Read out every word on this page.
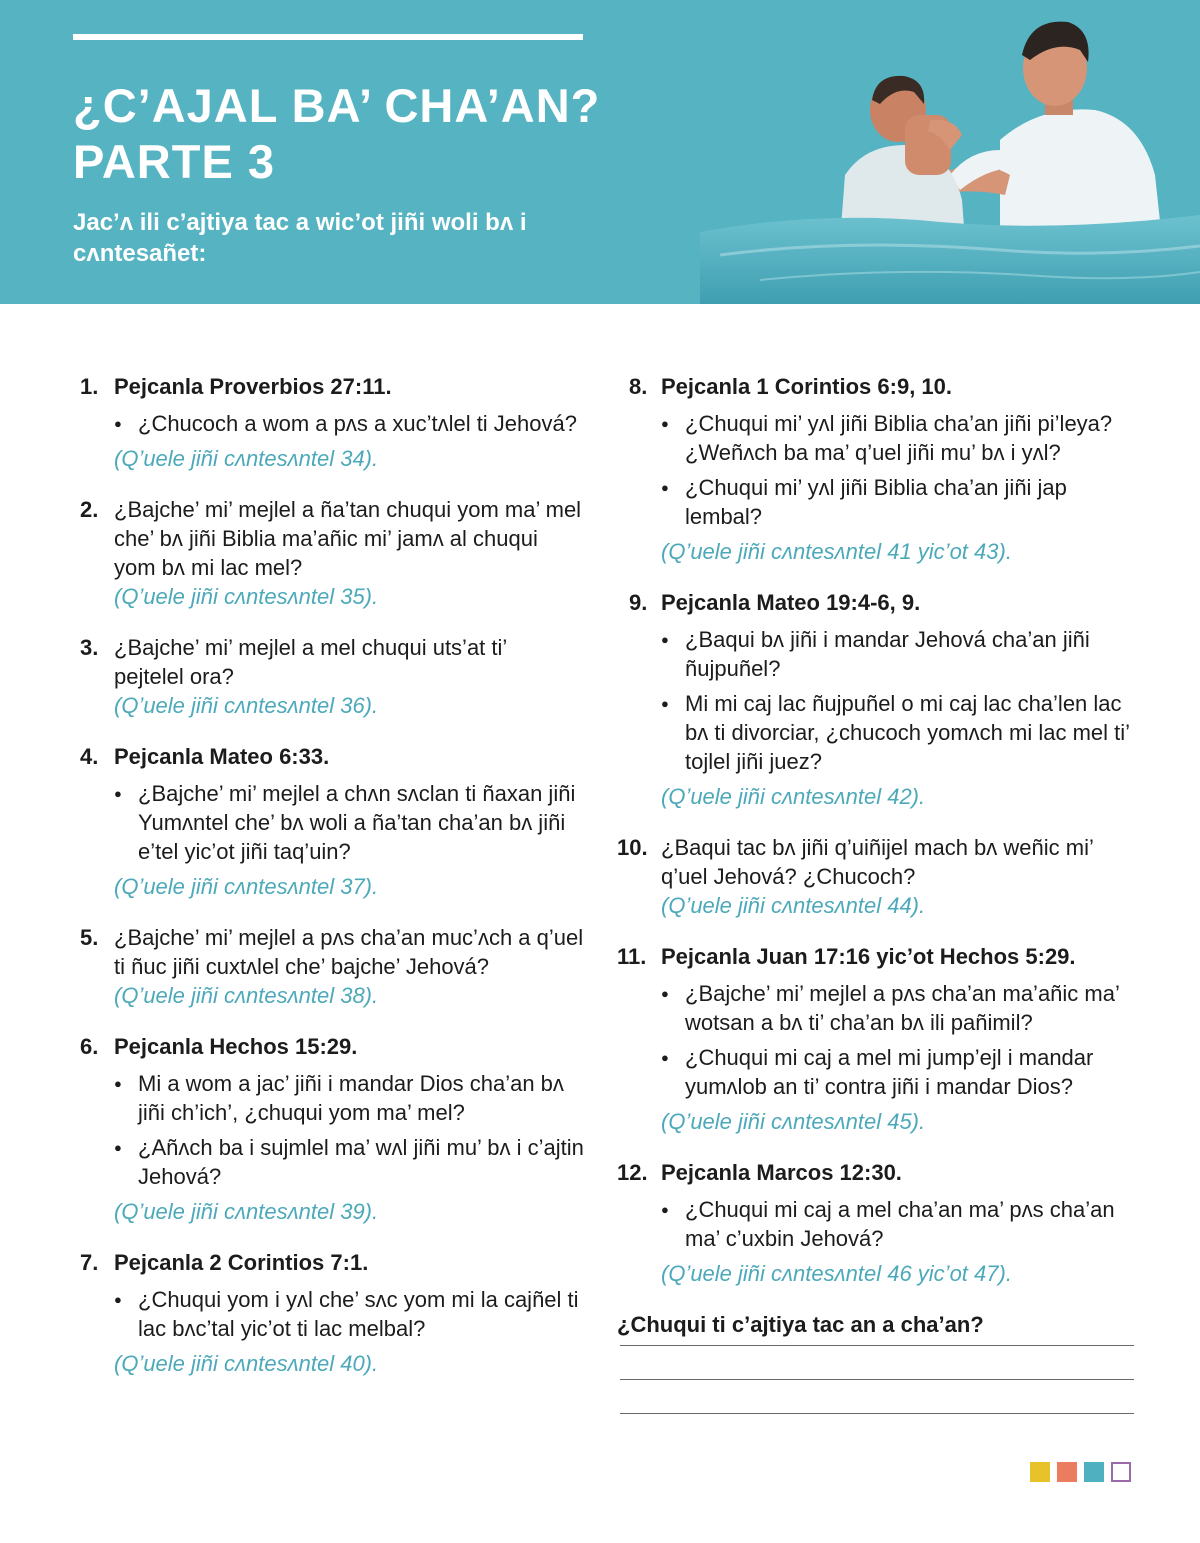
¿C’AJAL BA’ CHA’AN?
PARTE 3

Jac’ʌ ili c’ajtiya tac a wic’ot jiñi woli bʌ i cʌntesañet:

1. Pejcanla Proverbios 27:11.
● ¿Chucoch a wom a pʌs a xuc’tʌlel ti Jehová?
(Q’uele jiñi cʌntesʌntel 34).
2. ¿Bajche’ mi’ mejlel a ña’tan chuqui yom ma’ mel che’ bʌ jiñi Biblia ma’añic mi’ jamʌ al chuqui yom bʌ mi lac mel?
(Q’uele jiñi cʌntesʌntel 35).
3. ¿Bajche’ mi’ mejlel a mel chuqui uts’at ti’ pejtelel ora?
(Q’uele jiñi cʌntesʌntel 36).
4. Pejcanla Mateo 6:33.
● ¿Bajche’ mi’ mejlel a chʌn sʌclan ti ñaxan jiñi Yumʌntel che’ bʌ woli a ña’tan cha’an bʌ jiñi e’tel yic’ot jiñi taq’uin?
(Q’uele jiñi cʌntesʌntel 37).
5. ¿Bajche’ mi’ mejlel a pʌs cha’an muc’ʌch a q’uel ti ñuc jiñi cuxtʌlel che’ bajche’ Jehová?
(Q’uele jiñi cʌntesʌntel 38).
6. Pejcanla Hechos 15:29.
● Mi a wom a jac’ jiñi i mandar Dios cha’an bʌ jiñi ch’ich’, ¿chuqui yom ma’ mel?
● ¿Añʌch ba i sujmlel ma’ wʌl jiñi mu’ bʌ i c’ajtin Jehová?
(Q’uele jiñi cʌntesʌntel 39).
7. Pejcanla 2 Corintios 7:1.
● ¿Chuqui yom i yʌl che’ sʌc yom mi la cajñel ti lac bʌc’tal yic’ot ti lac melbal?
(Q’uele jiñi cʌntesʌntel 40).
8. Pejcanla 1 Corintios 6:9, 10.
● ¿Chuqui mi’ yʌl jiñi Biblia cha’an jiñi pi’leya? ¿Weñʌch ba ma’ q’uel jiñi mu’ bʌ i yʌl?
● ¿Chuqui mi’ yʌl jiñi Biblia cha’an jiñi jap lembal?
(Q’uele jiñi cʌntesʌntel 41 yic’ot 43).
9. Pejcanla Mateo 19:4-6, 9.
● ¿Baqui bʌ jiñi i mandar Jehová cha’an jiñi ñujpuñel?
● Mi mi caj lac ñujpuñel o mi caj lac cha’len lac bʌ ti divorciar, ¿chucoch yomʌch mi lac mel ti’ tojlel jiñi juez?
(Q’uele jiñi cʌntesʌntel 42).
10. ¿Baqui tac bʌ jiñi q’uiñijel mach bʌ weñic mi’ q’uel Jehová? ¿Chucoch?
(Q’uele jiñi cʌntesʌntel 44).
11. Pejcanla Juan 17:16 yic’ot Hechos 5:29.
● ¿Bajche’ mi’ mejlel a pʌs cha’an ma’añic ma’ wotsan a bʌ ti’ cha’an bʌ ili pañimil?
● ¿Chuqui mi caj a mel mi jump’ejl i mandar yumʌlob an ti’ contra jiñi i mandar Dios?
(Q’uele jiñi cʌntesʌntel 45).
12. Pejcanla Marcos 12:30.
● ¿Chuqui mi caj a mel cha’an ma’ pʌs cha’an ma’ c’uxbin Jehová?
(Q’uele jiñi cʌntesʌntel 46 yic’ot 47).
¿Chuqui ti c’ajtiya tac an a cha’an?
